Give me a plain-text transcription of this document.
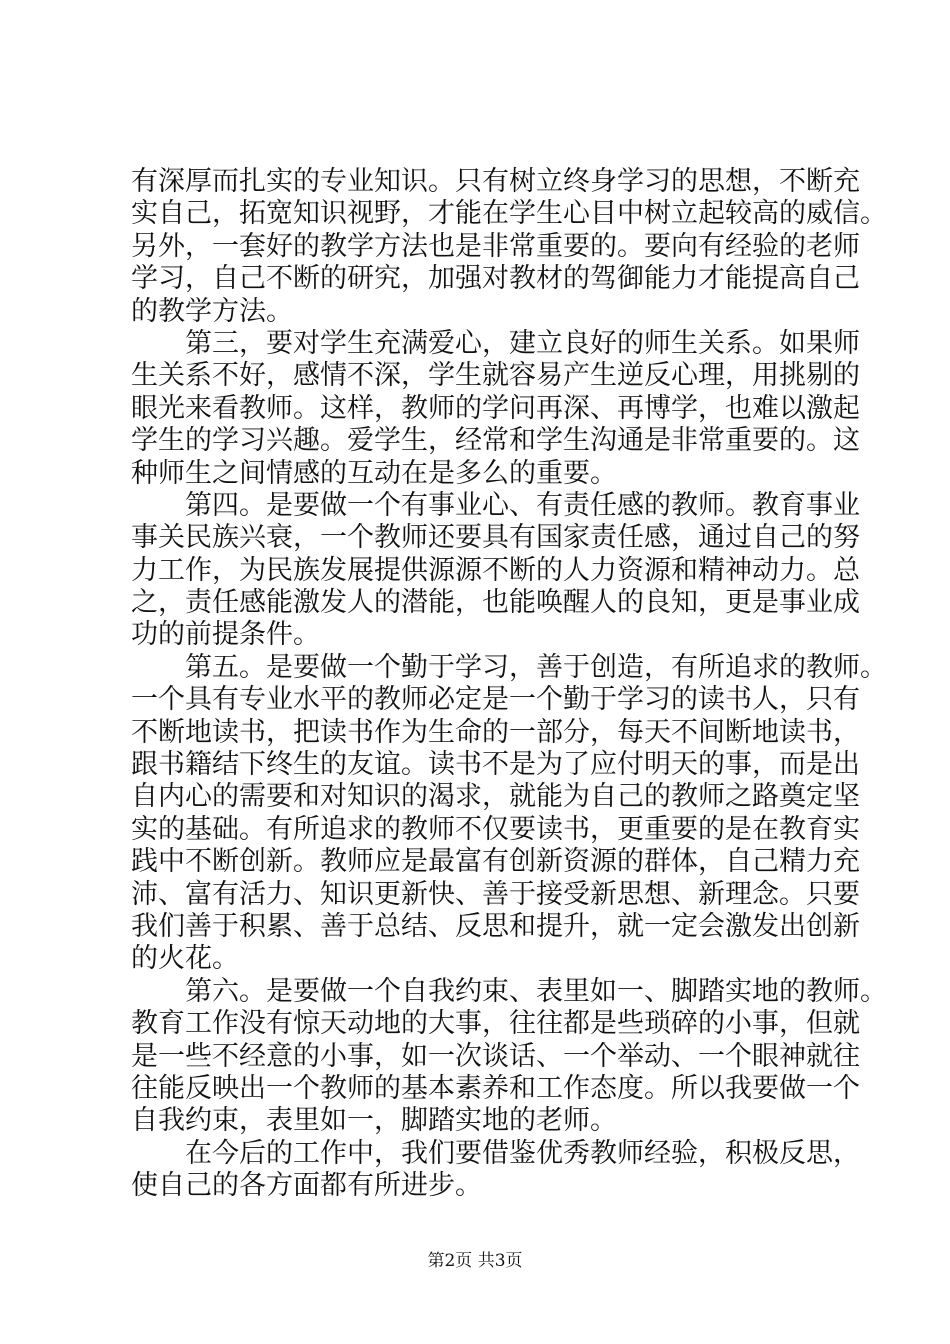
有深厚而扎实的专业知识。只有树立终身学习的思想，不断充
实自己，拓宽知识视野，才能在学生心目中树立起较高的威信。
另外，一套好的教学方法也是非常重要的。要向有经验的老师
学习，自己不断的研究，加强对教材的驾御能力才能提高自己
的教学方法。
第三，要对学生充满爱心，建立良好的师生关系。如果师
生关系不好，感情不深，学生就容易产生逆反心理，用挑剔的
眼光来看教师。这样，教师的学问再深、再博学，也难以激起
学生的学习兴趣。爱学生，经常和学生沟通是非常重要的。这
种师生之间情感的互动在是多么的重要。
第四。是要做一个有事业心、有责任感的教师。教育事业
事关民族兴衰，一个教师还要具有国家责任感，通过自己的努
力工作，为民族发展提供源源不断的人力资源和精神动力。总
之，责任感能激发人的潜能，也能唤醒人的良知，更是事业成
功的前提条件。
第五。是要做一个勤于学习，善于创造，有所追求的教师。
一个具有专业水平的教师必定是一个勤于学习的读书人，只有
不断地读书，把读书作为生命的一部分，每天不间断地读书，
跟书籍结下终生的友谊。读书不是为了应付明天的事，而是出
自内心的需要和对知识的渴求，就能为自己的教师之路奠定坚
实的基础。有所追求的教师不仅要读书，更重要的是在教育实
践中不断创新。教师应是最富有创新资源的群体，自己精力充
沛、富有活力、知识更新快、善于接受新思想、新理念。只要
我们善于积累、善于总结、反思和提升，就一定会激发出创新
的火花。
第六。是要做一个自我约束、表里如一、脚踏实地的教师。
教育工作没有惊天动地的大事，往往都是些琐碎的小事，但就
是一些不经意的小事，如一次谈话、一个举动、一个眼神就往
往能反映出一个教师的基本素养和工作态度。所以我要做一个
自我约束，表里如一，脚踏实地的老师。
在今后的工作中，我们要借鉴优秀教师经验，积极反思，
使自己的各方面都有所进步。
第2页 共3页
